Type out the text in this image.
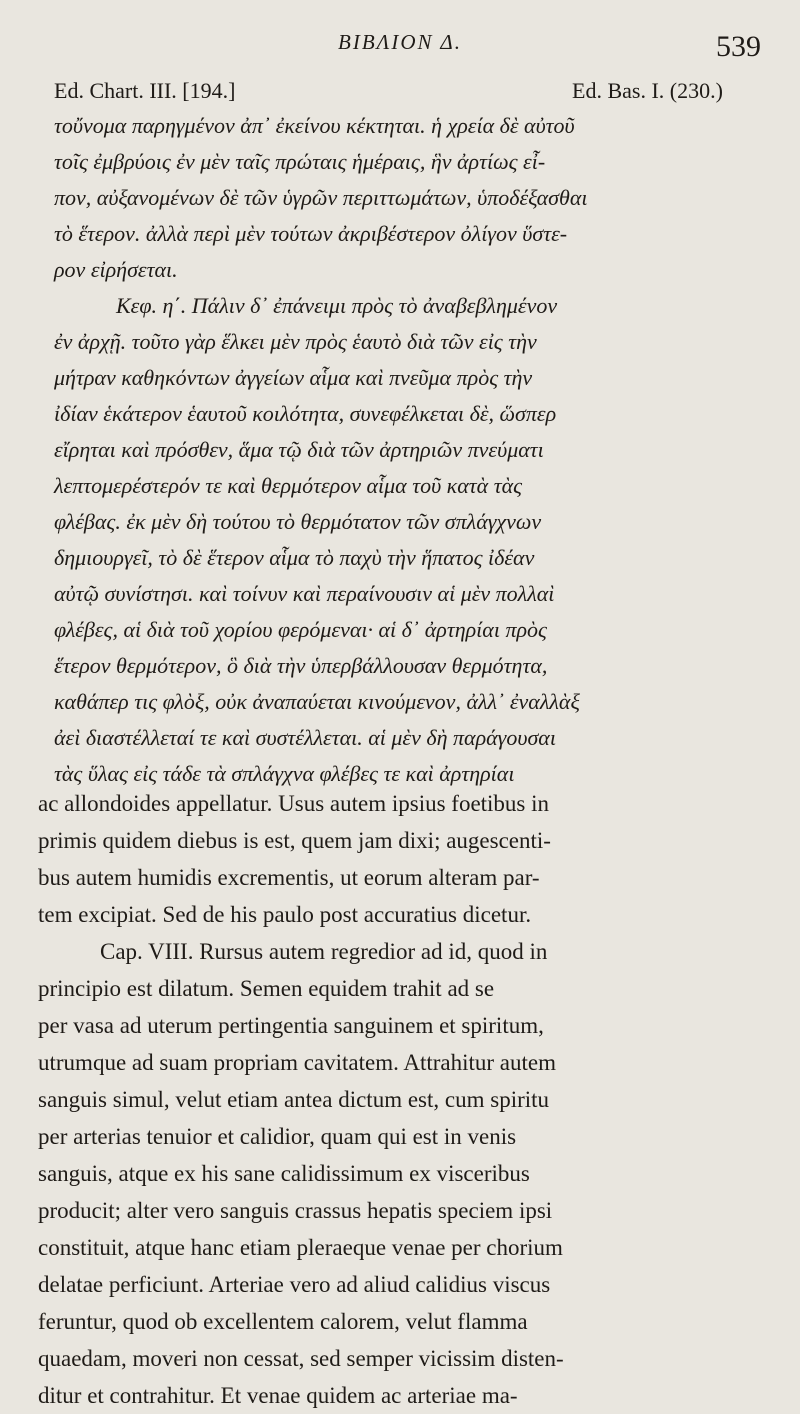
ΒΙΒΛΙΟΝ Δ.	539
Ed. Chart. III. [194.]	Ed. Bas. I. (230.)
τοὔνομα παρηγμένον ἀπ᾿ ἐκείνου κέκτηται. ἡ χρεία δὲ αὐτοῦ
τοῖς ἐμβρύοις ἐν μὲν ταῖς πρώταις ἡμέραις, ἣν ἀρτίως εἶ-
πον, αὐξανομένων δὲ τῶν ὑγρῶν περιττωμάτων, ὑποδέξασθαι
τὸ ἕτερον. ἀλλὰ περὶ μὲν τούτων ἀκριβέστερον ὀλίγον ὕστε-
ρον εἰρήσεται.
Κεφ. η΄. Πάλιν δ᾿ ἐπάνειμι πρὸς τὸ ἀναβεβλημένον
ἐν ἀρχῇ. τοῦτο γὰρ ἕλκει μὲν πρὸς ἑαυτὸ διὰ τῶν εἰς τὴν
μήτραν καθηκόντων ἀγγείων αἷμα καὶ πνεῦμα πρὸς τὴν
ἰδίαν ἑκάτερον ἑαυτοῦ κοιλότητα, συνεφέλκεται δὲ, ὥσπερ
εἴρηται καὶ πρόσθεν, ἅμα τῷ διὰ τῶν ἀρτηριῶν πνεύματι
λεπτομερέστερόν τε καὶ θερμότερον αἷμα τοῦ κατὰ τὰς
φλέβας. ἐκ μὲν δὴ τούτου τὸ θερμότατον τῶν σπλάγχνων
δημιουργεῖ, τὸ δὲ ἕτερον αἷμα τὸ παχὺ τὴν ἥπατος ἰδέαν
αὐτῷ συνίστησι. καὶ τοίνυν καὶ περαίνουσιν αἱ μὲν πολλαὶ
φλέβες, αἱ διὰ τοῦ χορίου φερόμεναι· αἱ δ᾿ ἀρτηρίαι πρὸς
ἕτερον θερμότερον, ὃ διὰ τὴν ὑπερβάλλουσαν θερμότητα,
καθάπερ τις φλὸξ, οὐκ ἀναπαύεται κινούμενον, ἀλλ᾿ ἐναλλὰξ
ἀεὶ διαστέλλεταί τε καὶ συστέλλεται. αἱ μὲν δὴ παράγουσαι
τὰς ὕλας εἰς τάδε τὰ σπλάγχνα φλέβες τε καὶ ἀρτηρίαι
ac allondoides appellatur. Usus autem ipsius foetibus in
primis quidem diebus is est, quem jam dixi; augescenti-
bus autem humidis excrementis, ut eorum alteram par-
tem excipiat. Sed de his paulo post accuratius dicetur.
Cap. VIII. Rursus autem regredior ad id, quod in
principio est dilatum. Semen equidem trahit ad se
per vasa ad uterum pertingentia sanguinem et spiritum,
utrumque ad suam propriam cavitatem. Attrahitur autem
sanguis simul, velut etiam antea dictum est, cum spiritu
per arterias tenuior et calidior, quam qui est in venis
sanguis, atque ex his sane calidissimum ex visceribus
producit; alter vero sanguis crassus hepatis speciem ipsi
constituit, atque hanc etiam pleraeque venae per chorium
delatae perficiunt. Arteriae vero ad aliud calidius viscus
feruntur, quod ob excellentem calorem, velut flamma
quaedam, moveri non cessat, sed semper vicissim disten-
ditur et contrahitur. Et venae quidem ac arteriae ma-
